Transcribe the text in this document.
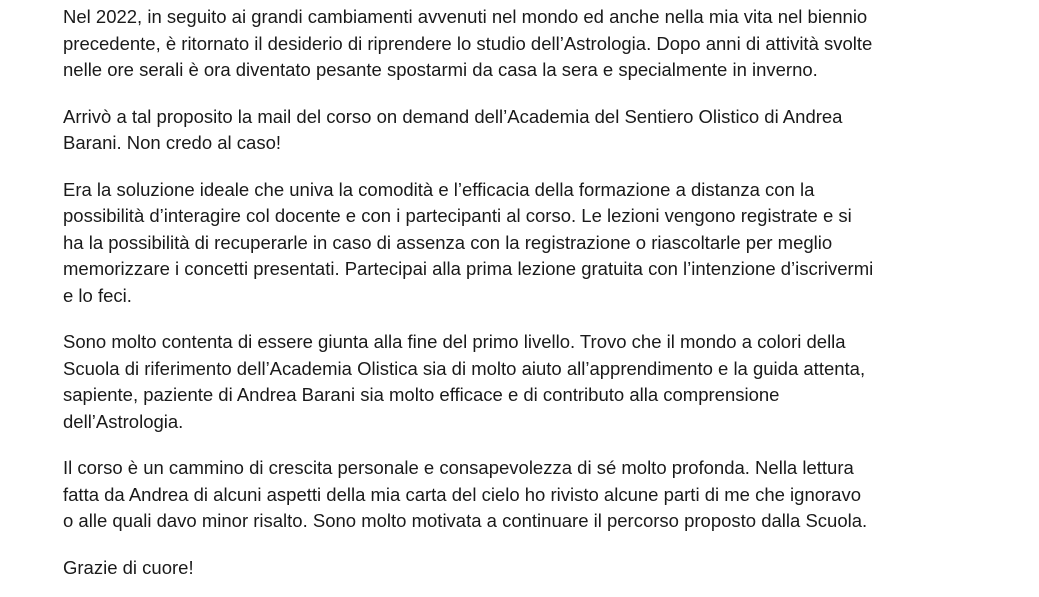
Nel 2022, in seguito ai grandi cambiamenti avvenuti nel mondo ed anche nella mia vita nel biennio
precedente, è ritornato il desiderio di riprendere lo studio dell’Astrologia. Dopo anni di attività svolte
nelle ore serali è ora diventato pesante spostarmi da casa la sera e specialmente in inverno.

Arrivò a tal proposito la mail del corso on demand dell’Academia del Sentiero Olistico di Andrea
Barani. Non credo al caso!

Era la soluzione ideale che univa la comodità e l’efficacia della formazione a distanza con la
possibilità d’interagire col docente e con i partecipanti al corso. Le lezioni vengono registrate e si
ha la possibilità di recuperarle in caso di assenza con la registrazione o riascoltarle per meglio
memorizzare i concetti presentati. Partecipai alla prima lezione gratuita con l’intenzione d’iscrivermi
e lo feci.

Sono molto contenta di essere giunta alla fine del primo livello. Trovo che il mondo a colori della
Scuola di riferimento dell’Academia Olistica sia di molto aiuto all’apprendimento e la guida attenta,
sapiente, paziente di Andrea Barani sia molto efficace e di contributo alla comprensione
dell’Astrologia.

Il corso è un cammino di crescita personale e consapevolezza di sé molto profonda. Nella lettura
fatta da Andrea di alcuni aspetti della mia carta del cielo ho rivisto alcune parti di me che ignoravo
o alle quali davo minor risalto. Sono molto motivata a continuare il percorso proposto dalla Scuola.

Grazie di cuore!
